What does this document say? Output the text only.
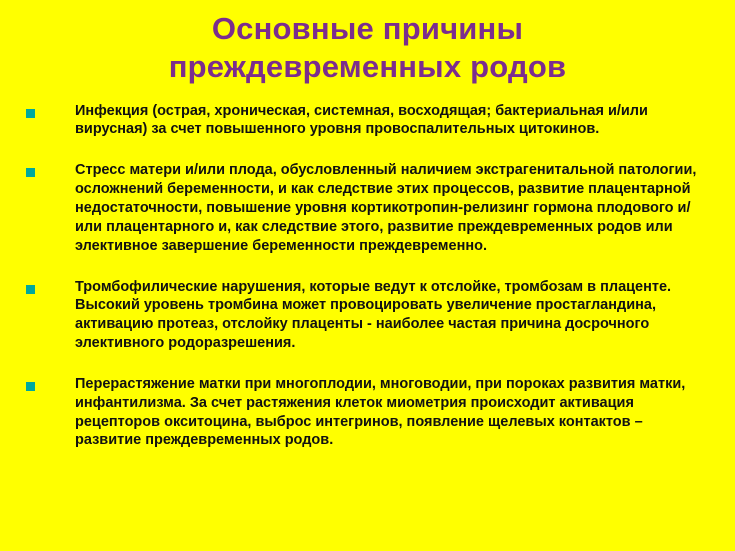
Основные причины
преждевременных родов
Инфекция (острая, хроническая, системная, восходящая; бактериальная и/или вирусная) за счет повышенного уровня провоспалительных цитокинов.
Стресс матери и/или плода, обусловленный наличием экстрагенитальной патологии, осложнений беременности, и как следствие этих процессов, развитие плацентарной недостаточности, повышение уровня кортикотропин-релизинг гормона плодового и/или плацентарного и, как следствие этого, развитие преждевременных родов или элективное завершение беременности преждевременно.
Тромбофилические нарушения, которые ведут к отслойке, тромбозам в плаценте. Высокий уровень тромбина может провоцировать увеличение простагландина, активацию протеаз, отслойку плаценты - наиболее частая причина досрочного элективного родоразрешения.
Перерастяжение матки при многоплодии, многоводии, при пороках развития матки, инфантилизма. За счет растяжения клеток миометрия происходит активация рецепторов окситоцина, выброс интегринов, появление щелевых контактов – развитие преждевременных родов.
